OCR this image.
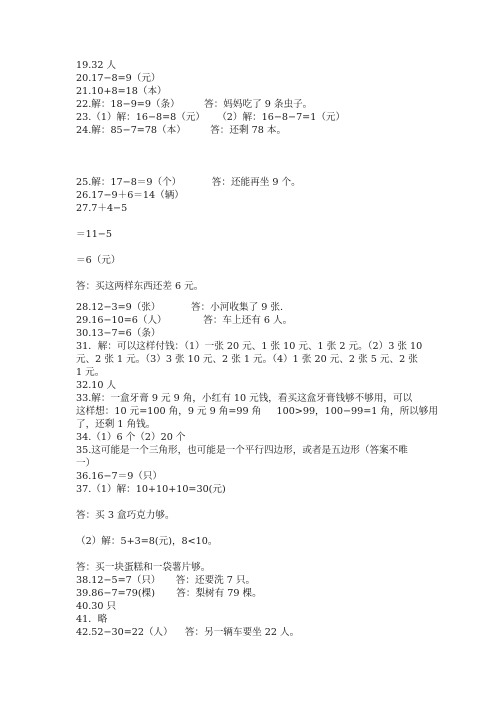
19.32 人
20.17−8=9（元）
21.10+8=18（本）
22.解：18−9=9（条）        答：妈妈吃了 9 条虫子。
23.（1）解：16−8=8（元）    （2）解：16−8−7=1（元）
24.解：85−7=78（本）        答：还剩 78 本。
25.解：17−8＝9（个）          答：还能再坐 9 个。
26.17−9＋6＝14（辆）
27.7＋4−5
＝11−5
＝6（元）
答：买这两样东西还差 6 元。
28.12−3=9（张）          答：小河收集了 9 张.
29.16−10=6（人）            答：车上还有 6 人。
30.13−7=6（条）
31．解：可以这样付钱：（1）一张 20 元、1 张 10 元、1 张 2 元。（2）3 张 10
元、2 张 1 元。（3）3 张 10 元、2 张 1 元。（4）1 张 20 元、2 张 5 元、2 张
1 元。
32.10 人
33.解：一盒牙膏 9 元 9 角，小红有 10 元钱，看买这盒牙膏钱够不够用，可以
这样想：10 元=100 角，9 元 9 角=99 角     100>99，100−99=1 角，所以够用
了，还剩 1 角钱。
34.（1）6 个（2）20 个
35.这可能是一个三角形，也可能是一个平行四边形，或者是五边形（答案不唯
一）
36.16−7＝9（只）
37.（1）解：10+10+10=30(元)
答：买 3 盒巧克力够。
（2）解：5+3=8(元)，8<10。
答：买一块蛋糕和一袋薯片够。
38.12−5=7（只）     答：还要洗 7 只。
39.86−7=79(棵)       答：梨树有 79 棵。
40.30 只
41．略
42.52−30=22（人）    答：另一辆车要坐 22 人。
